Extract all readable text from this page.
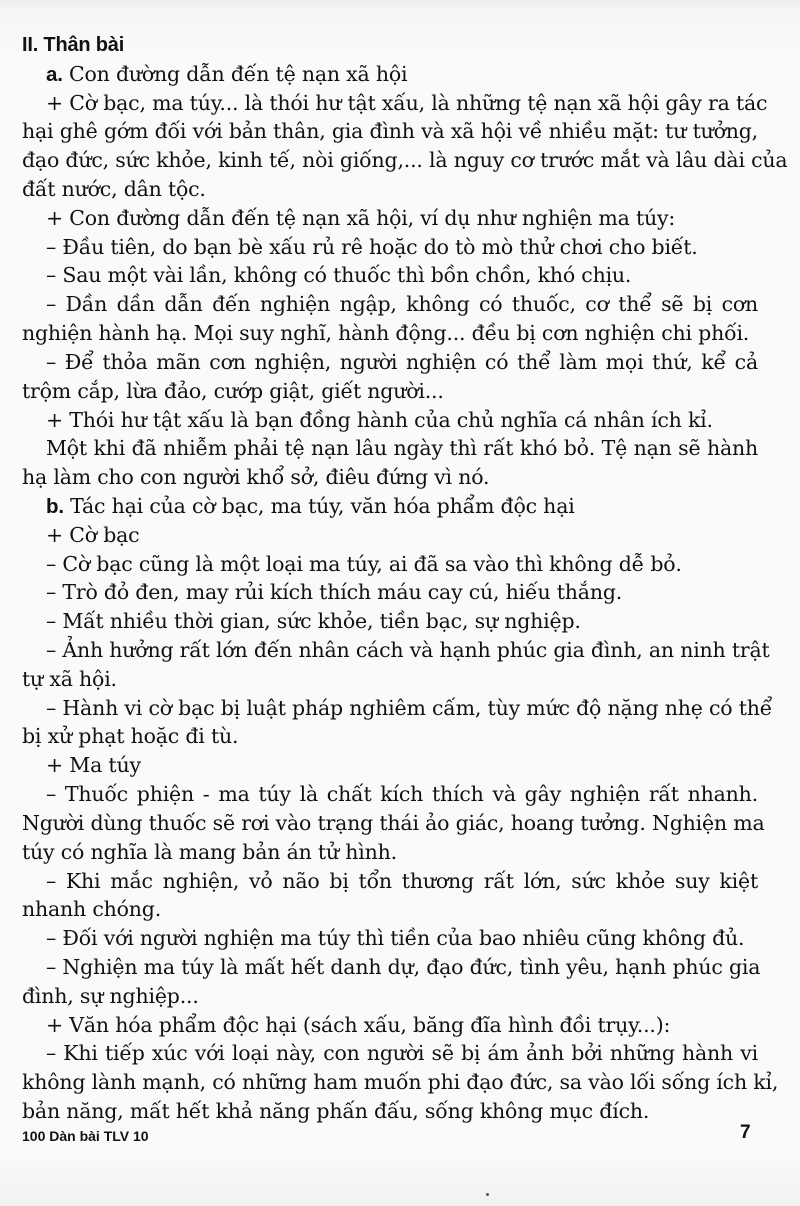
II. Thân bài
a. Con đường dẫn đến tệ nạn xã hội
+ Cờ bạc, ma túy... là thói hư tật xấu, là những tệ nạn xã hội gây ra tác
hại ghê gớm đối với bản thân, gia đình và xã hội về nhiều mặt: tư tưởng,
đạo đức, sức khỏe, kinh tế, nòi giống,... là nguy cơ trước mắt và lâu dài của
đất nước, dân tộc.
+ Con đường dẫn đến tệ nạn xã hội, ví dụ như nghiện ma túy:
– Đầu tiên, do bạn bè xấu rủ rê hoặc do tò mò thử chơi cho biết.
– Sau một vài lần, không có thuốc thì bồn chồn, khó chịu.
– Dần dần dẫn đến nghiện ngập, không có thuốc, cơ thể sẽ bị cơn
nghiện hành hạ. Mọi suy nghĩ, hành động... đều bị cơn nghiện chi phối.
– Để thỏa mãn cơn nghiện, người nghiện có thể làm mọi thứ, kể cả
trộm cắp, lừa đảo, cướp giật, giết người...
+ Thói hư tật xấu là bạn đồng hành của chủ nghĩa cá nhân ích kỉ.
Một khi đã nhiễm phải tệ nạn lâu ngày thì rất khó bỏ. Tệ nạn sẽ hành
hạ làm cho con người khổ sở, điêu đứng vì nó.
b. Tác hại của cờ bạc, ma túy, văn hóa phẩm độc hại
+ Cờ bạc
– Cờ bạc cũng là một loại ma túy, ai đã sa vào thì không dễ bỏ.
– Trò đỏ đen, may rủi kích thích máu cay cú, hiếu thắng.
– Mất nhiều thời gian, sức khỏe, tiền bạc, sự nghiệp.
– Ảnh hưởng rất lớn đến nhân cách và hạnh phúc gia đình, an ninh trật
tự xã hội.
– Hành vi cờ bạc bị luật pháp nghiêm cấm, tùy mức độ nặng nhẹ có thể
bị xử phạt hoặc đi tù.
+ Ma túy
– Thuốc phiện - ma túy là chất kích thích và gây nghiện rất nhanh.
Người dùng thuốc sẽ rơi vào trạng thái ảo giác, hoang tưởng. Nghiện ma
túy có nghĩa là mang bản án tử hình.
– Khi mắc nghiện, vỏ não bị tổn thương rất lớn, sức khỏe suy kiệt
nhanh chóng.
– Đối với người nghiện ma túy thì tiền của bao nhiêu cũng không đủ.
– Nghiện ma túy là mất hết danh dự, đạo đức, tình yêu, hạnh phúc gia
đình, sự nghiệp...
+ Văn hóa phẩm độc hại (sách xấu, băng đĩa hình đồi trụy...):
– Khi tiếp xúc với loại này, con người sẽ bị ám ảnh bởi những hành vi
không lành mạnh, có những ham muốn phi đạo đức, sa vào lối sống ích kỉ,
bản năng, mất hết khả năng phấn đấu, sống không mục đích.
100 Dàn bài TLV 10	7
